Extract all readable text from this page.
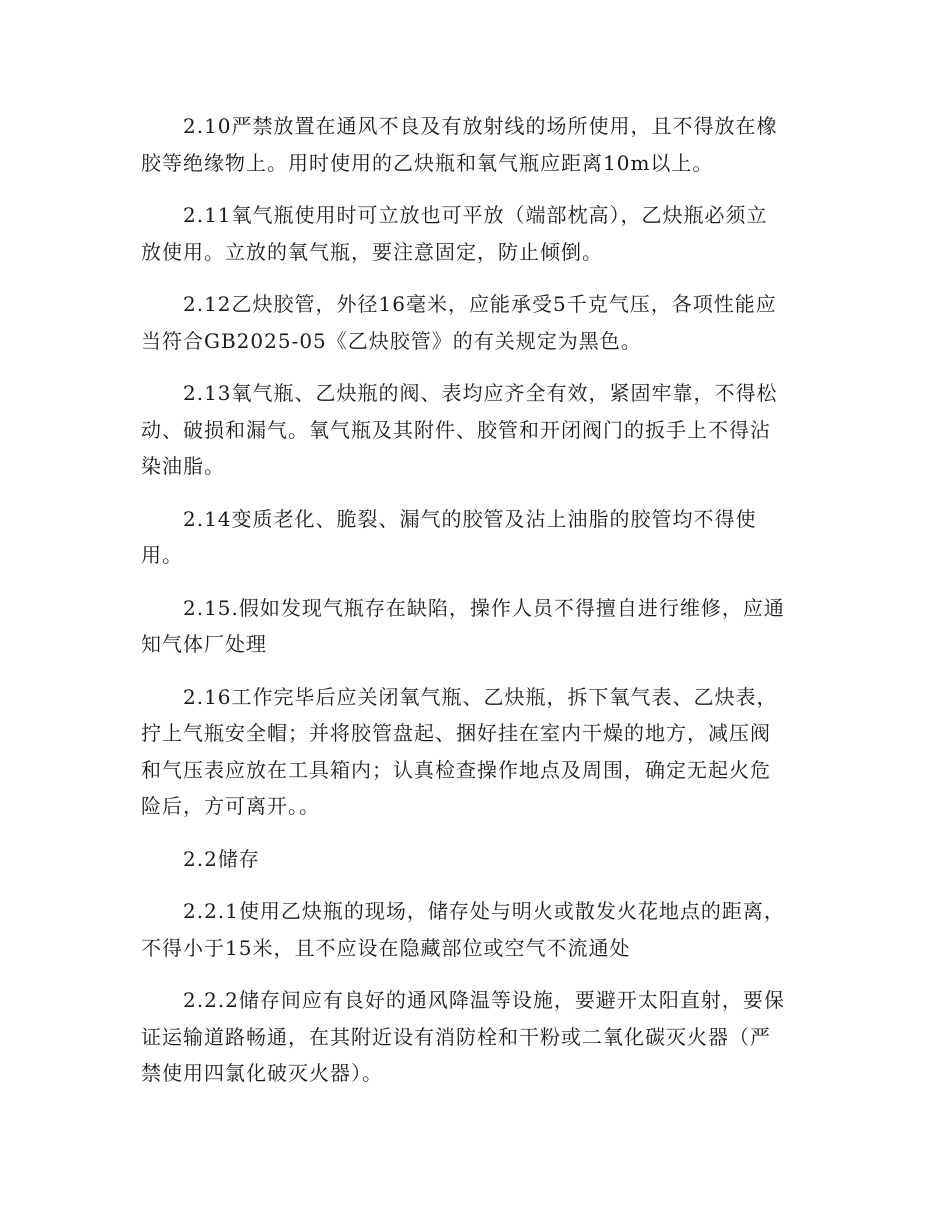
2.10严禁放置在通风不良及有放射线的场所使用，且不得放在橡
胶等绝缘物上。用时使用的乙炔瓶和氧气瓶应距离10m以上。

2.11氧气瓶使用时可立放也可平放（端部枕高），乙炔瓶必须立
放使用。立放的氧气瓶，要注意固定，防止倾倒。

2.12乙炔胶管，外径16毫米，应能承受5千克气压，各项性能应
当符合GB2025-05《乙炔胶管》的有关规定为黑色。

2.13氧气瓶、乙炔瓶的阀、表均应齐全有效，紧固牢靠，不得松
动、破损和漏气。氧气瓶及其附件、胶管和开闭阀门的扳手上不得沾
染油脂。

2.14变质老化、脆裂、漏气的胶管及沾上油脂的胶管均不得使
用。

2.15.假如发现气瓶存在缺陷，操作人员不得擅自进行维修，应通
知气体厂处理

2.16工作完毕后应关闭氧气瓶、乙炔瓶，拆下氧气表、乙炔表，
拧上气瓶安全帽；并将胶管盘起、捆好挂在室内干燥的地方，减压阀
和气压表应放在工具箱内；认真检查操作地点及周围，确定无起火危
险后，方可离开。。

2.2储存

2.2.1使用乙炔瓶的现场，储存处与明火或散发火花地点的距离，
不得小于15米，且不应设在隐藏部位或空气不流通处

2.2.2储存间应有良好的通风降温等设施，要避开太阳直射，要保
证运输道路畅通，在其附近设有消防栓和干粉或二氧化碳灭火器（严
禁使用四氯化破灭火器）。
